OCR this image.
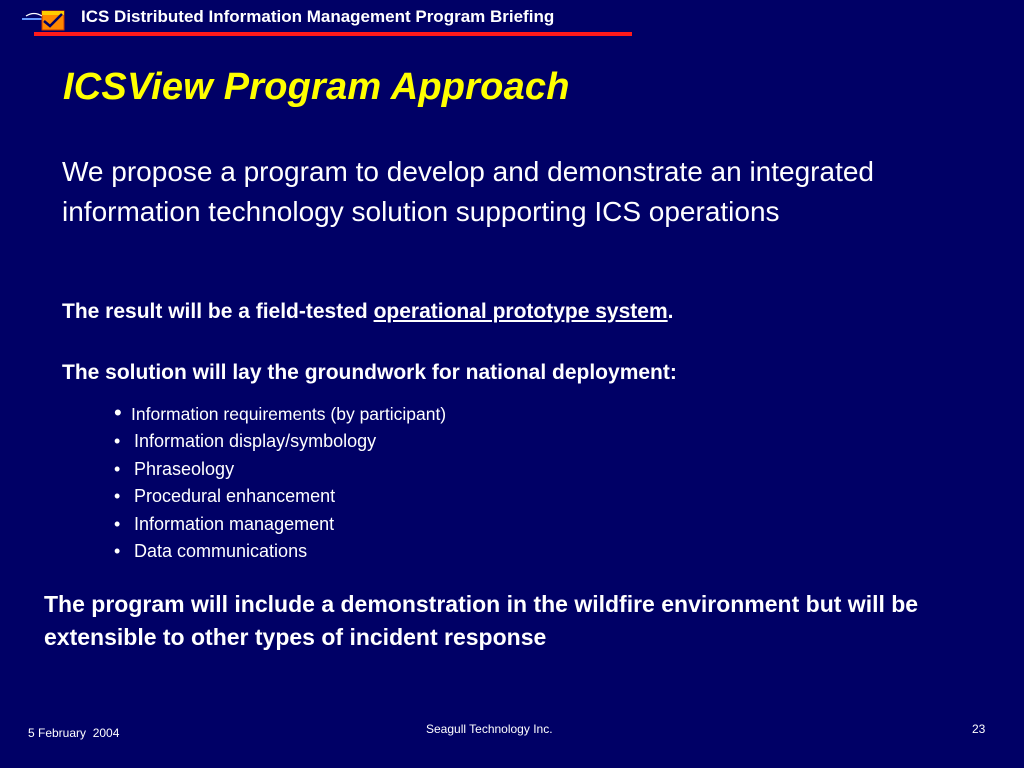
ICS Distributed Information Management Program Briefing
ICSView Program Approach
We propose a program to develop and demonstrate an integrated information technology solution supporting ICS operations
The result will be a field-tested operational prototype system.
The solution will lay the groundwork for national deployment:
• Information requirements (by participant)
• Information display/symbology
• Phraseology
• Procedural enhancement
• Information management
• Data communications
The program will include a demonstration in the wildfire environment but will be extensible to other types of incident response
5 February  2004	Seagull Technology Inc.	23
